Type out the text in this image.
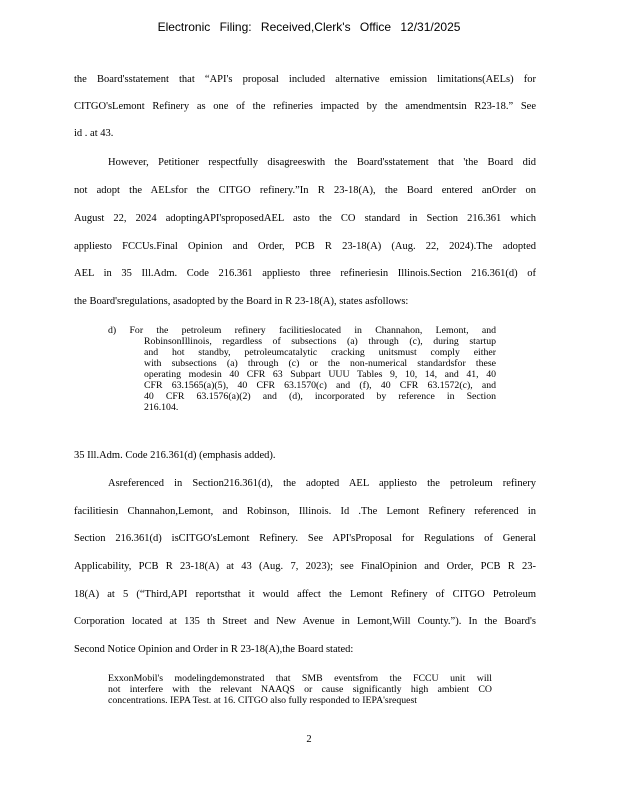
Electronic Filing: Received,Clerk's Office 12/31/2025
the Board'sstatement that “API's proposal included alternative emission limitations(AELs) for
CITGO'sLemont Refinery as one of the refineries impacted by the amendmentsin R23-18.” See
id . at 43.
However, Petitioner respectfully disagreeswith the Board'sstatement that 'the Board did
not adopt the AELsfor the CITGO refinery.”In R 23-18(A), the Board entered anOrder on
August 22, 2024 adoptingAPI'sproposedAEL asto the CO standard in Section 216.361 which
appliesto FCCUs.Final Opinion and Order, PCB R 23-18(A) (Aug. 22, 2024).The adopted
AEL in 35 Ill.Adm. Code 216.361 appliesto three refineriesin Illinois.Section 216.361(d) of
the Board'sregulations, asadopted by the Board in R 23-18(A), states asfollows:
d) For the petroleum refinery facilitieslocated in Channahon, Lemont, and
RobinsonIllinois, regardless of subsections (a) through (c), during startup
and hot standby, petroleumcatalytic cracking unitsmust comply either
with subsections (a) through (c) or the non-numerical standardsfor these
operating modesin 40 CFR 63 Subpart UUU Tables 9, 10, 14, and 41, 40
CFR 63.1565(a)(5), 40 CFR 63.1570(c) and (f), 40 CFR 63.1572(c), and
40 CFR 63.1576(a)(2) and (d), incorporated by reference in Section
216.104.
35 Ill.Adm. Code 216.361(d) (emphasis added).
Asreferenced in Section216.361(d), the adopted AEL appliesto the petroleum refinery
facilitiesin Channahon,Lemont, and Robinson, Illinois. Id .The Lemont Refinery referenced in
Section 216.361(d) isCITGO'sLemont Refinery. See API'sProposal for Regulations of General
Applicability, PCB R 23-18(A) at 43 (Aug. 7, 2023); see FinalOpinion and Order, PCB R 23-
18(A) at 5 (“Third,API reportsthat it would affect the Lemont Refinery of CITGO Petroleum
Corporation located at 135 th Street and New Avenue in Lemont,Will County.”). In the Board's
Second Notice Opinion and Order in R 23-18(A),the Board stated:
ExxonMobil's modelingdemonstrated that SMB eventsfrom the FCCU unit will
not interfere with the relevant NAAQS or cause significantly high ambient CO
concentrations. IEPA Test. at 16. CITGO also fully responded to IEPA'srequest
2
